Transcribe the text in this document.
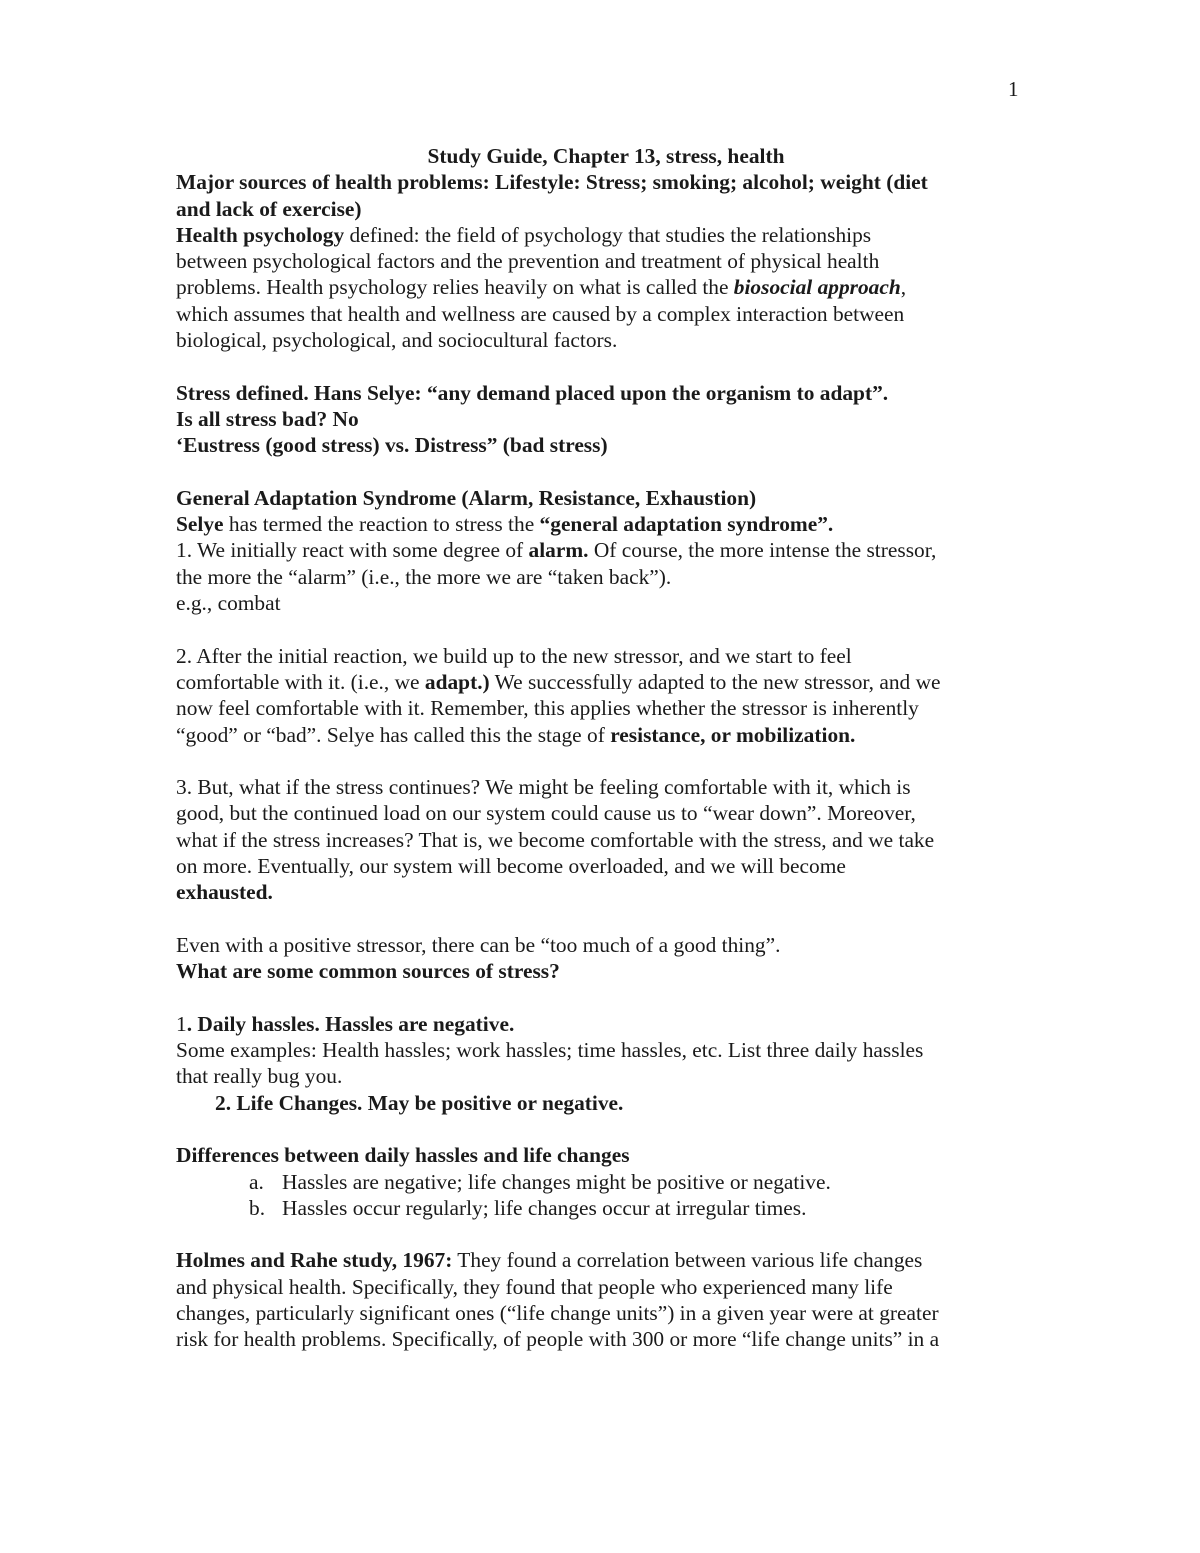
1
Study Guide, Chapter 13, stress, health
Major sources of health problems: Lifestyle: Stress; smoking; alcohol; weight (diet
and lack of exercise)
Health psychology defined: the field of psychology that studies the relationships
between psychological factors and the prevention and treatment of physical health
problems. Health psychology relies heavily on what is called the biosocial approach,
which assumes that health and wellness are caused by a complex interaction between
biological, psychological, and sociocultural factors.
Stress defined. Hans Selye: “any demand placed upon the organism to adapt”.
Is all stress bad? No
‘Eustress (good stress) vs. Distress” (bad stress)
General Adaptation Syndrome (Alarm, Resistance, Exhaustion)
Selye has termed the reaction to stress the “general adaptation syndrome”.
1. We initially react with some degree of alarm. Of course, the more intense the stressor,
the more the “alarm” (i.e., the more we are “taken back”).
e.g., combat
2. After the initial reaction, we build up to the new stressor, and we start to feel
comfortable with it. (i.e., we adapt.) We successfully adapted to the new stressor, and we
now feel comfortable with it. Remember, this applies whether the stressor is inherently
“good” or “bad”. Selye has called this the stage of resistance, or mobilization.
3. But, what if the stress continues? We might be feeling comfortable with it, which is
good, but the continued load on our system could cause us to “wear down”. Moreover,
what if the stress increases? That is, we become comfortable with the stress, and we take
on more. Eventually, our system will become overloaded, and we will become
exhausted.
Even with a positive stressor, there can be “too much of a good thing”.
What are some common sources of stress?
1. Daily hassles. Hassles are negative.
Some examples: Health hassles; work hassles; time hassles, etc. List three daily hassles
that really bug you.
2. Life Changes. May be positive or negative.
Differences between daily hassles and life changes
a. Hassles are negative; life changes might be positive or negative.
b. Hassles occur regularly; life changes occur at irregular times.
Holmes and Rahe study, 1967: They found a correlation between various life changes
and physical health. Specifically, they found that people who experienced many life
changes, particularly significant ones (“life change units”) in a given year were at greater
risk for health problems. Specifically, of people with 300 or more “life change units” in a
